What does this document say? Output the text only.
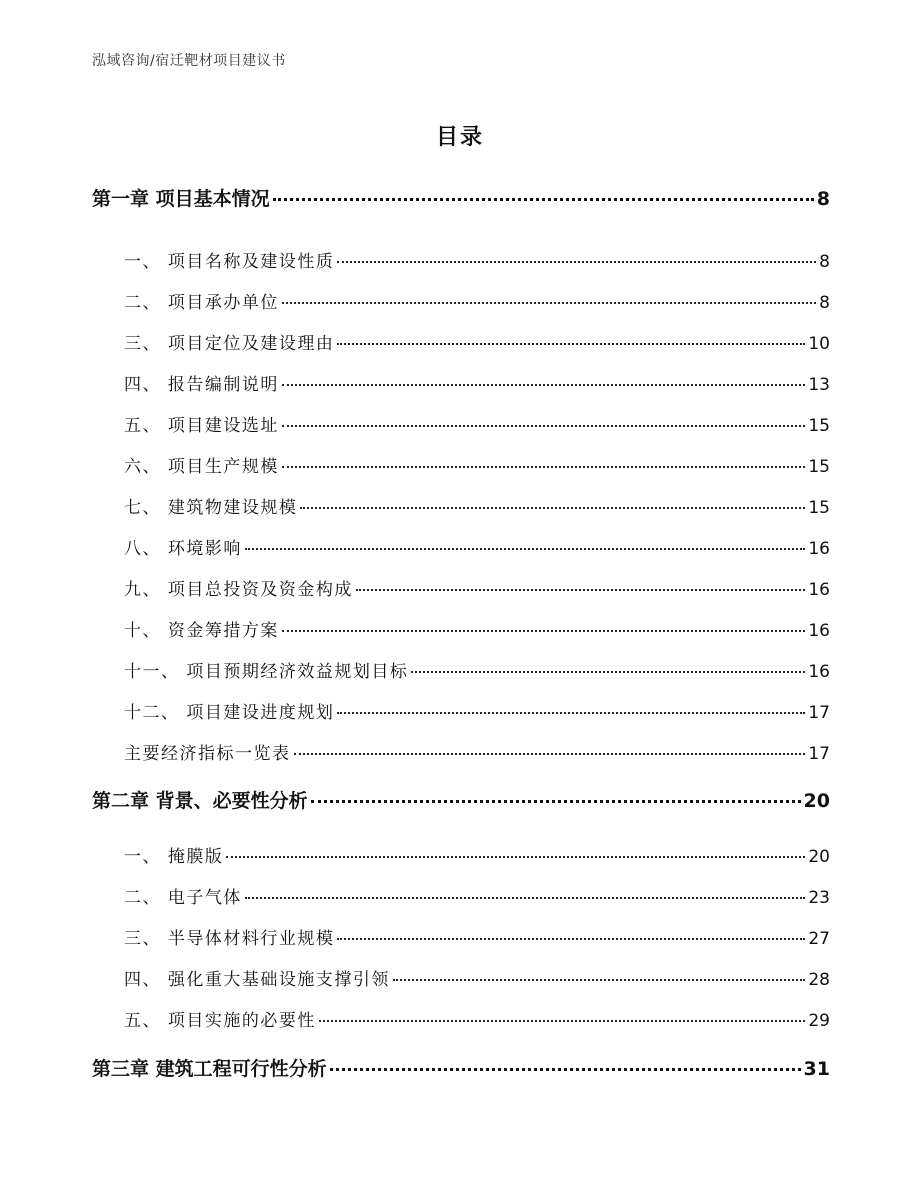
泓域咨询/宿迁靶材项目建议书
目录
第一章 项目基本情况	8
一、 项目名称及建设性质	8
二、 项目承办单位	8
三、 项目定位及建设理由	10
四、 报告编制说明	13
五、 项目建设选址	15
六、 项目生产规模	15
七、 建筑物建设规模	15
八、 环境影响	16
九、 项目总投资及资金构成	16
十、 资金筹措方案	16
十一、 项目预期经济效益规划目标	16
十二、 项目建设进度规划	17
主要经济指标一览表	17
第二章 背景、必要性分析	20
一、 掩膜版	20
二、 电子气体	23
三、 半导体材料行业规模	27
四、 强化重大基础设施支撑引领	28
五、 项目实施的必要性	29
第三章 建筑工程可行性分析	31
